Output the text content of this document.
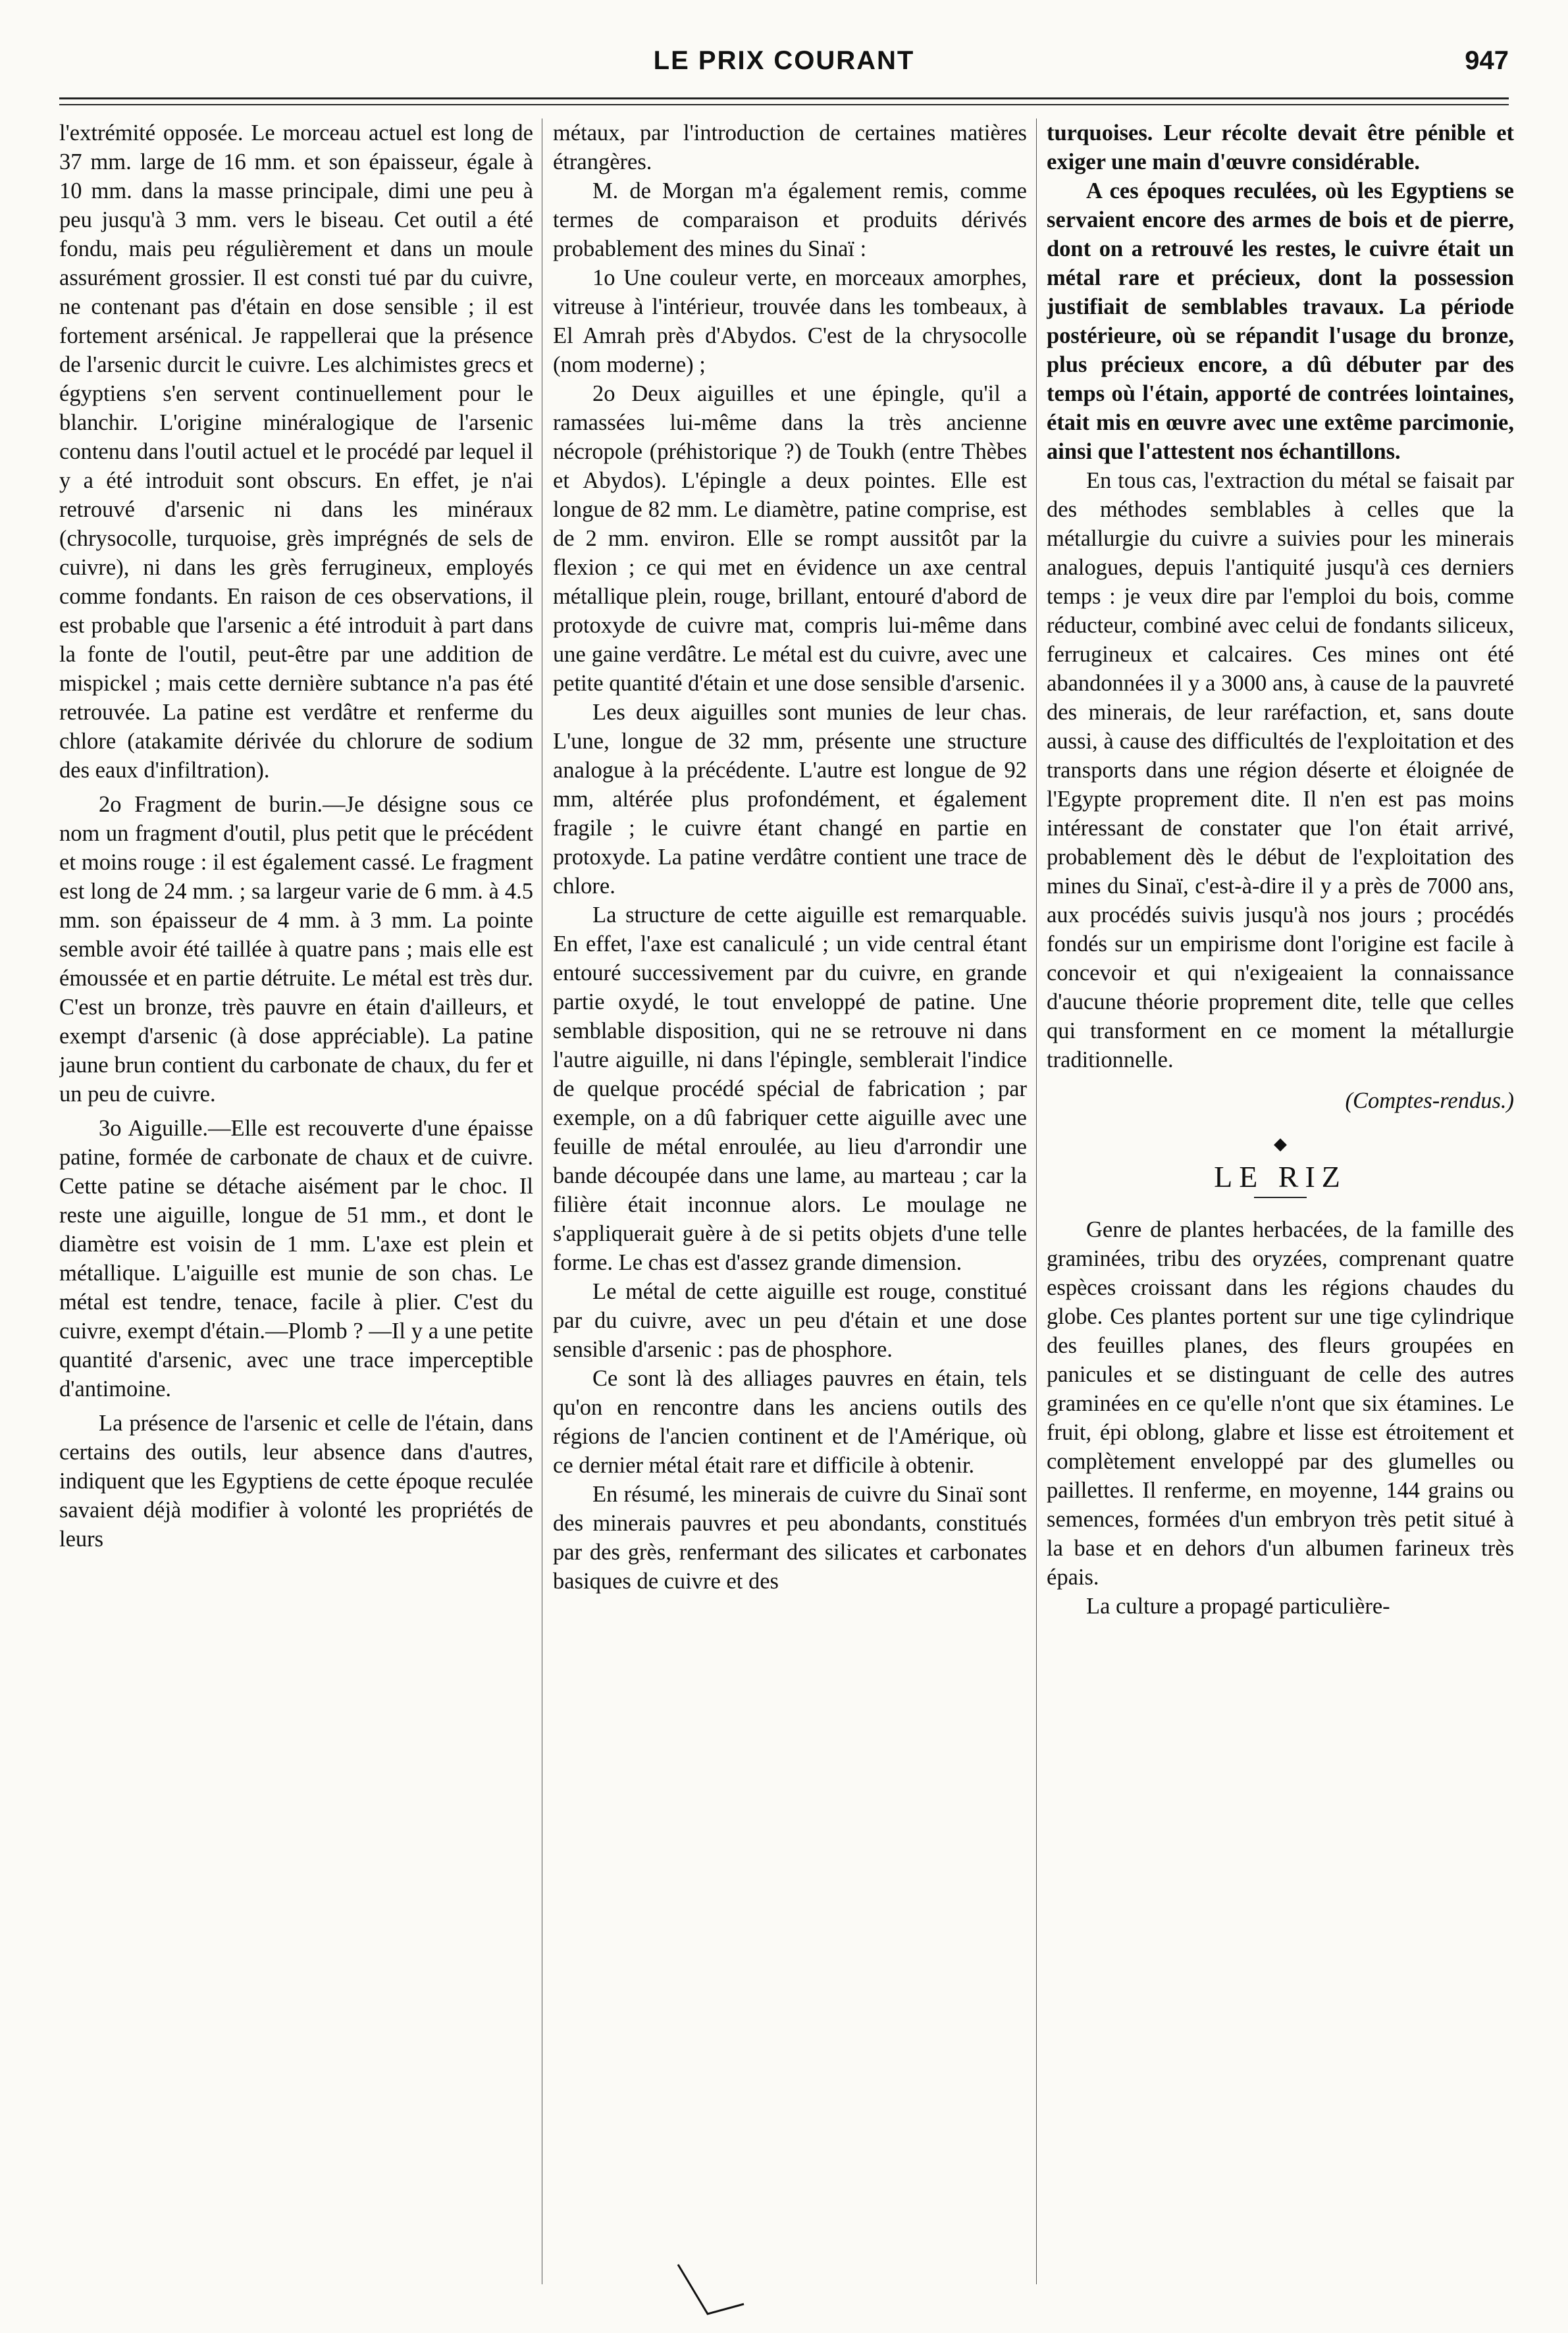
LE PRIX COURANT	947

l'extrémité opposée. Le morceau actuel est long de 37 mm. large de 16 mm. et son épaisseur, égale à 10 mm. dans la masse principale, dimi une peu à peu jusqu'à 3 mm. vers le biseau. Cet outil a été fondu, mais peu régulièrement et dans un moule assurément grossier. Il est consti tué par du cuivre, ne contenant pas d'étain en dose sensible ; il est fortement arsénical. Je rappellerai que la présence de l'arsenic durcit le cuivre. Les alchimistes grecs et égyptiens s'en servent continuellement pour le blanchir. L'origine minéralogique de l'arsenic contenu dans l'outil actuel et le procédé par lequel il y a été introduit sont obscurs. En effet, je n'ai retrouvé d'arsenic ni dans les minéraux (chrysocolle, turquoise, grès imprégnés de sels de cuivre), ni dans les grès ferrugineux, employés comme fondants. En raison de ces observations, il est probable que l'arsenic a été introduit à part dans la fonte de l'outil, peut-être par une addition de mispickel ; mais cette dernière subtance n'a pas été retrouvée. La patine est verdâtre et renferme du chlore (atakamite dérivée du chlorure de sodium des eaux d'infiltration).

2o Fragment de burin.—Je désigne sous ce nom un fragment d'outil, plus petit que le précédent et moins rouge : il est également cassé. Le fragment est long de 24 mm. ; sa largeur varie de 6 mm. à 4.5 mm. son épaisseur de 4 mm. à 3 mm. La pointe semble avoir été taillée à quatre pans ; mais elle est émoussée et en partie détruite. Le métal est très dur. C'est un bronze, très pauvre en étain d'ailleurs, et exempt d'arsenic (à dose appréciable). La patine jaune brun contient du carbonate de chaux, du fer et un peu de cuivre.

3o Aiguille.—Elle est recouverte d'une épaisse patine, formée de carbonate de chaux et de cuivre. Cette patine se détache aisément par le choc. Il reste une aiguille, longue de 51 mm., et dont le diamètre est voisin de 1 mm. L'axe est plein et métallique. L'aiguille est munie de son chas. Le métal est tendre, tenace, facile à plier. C'est du cuivre, exempt d'étain.—Plomb ? —Il y a une petite quantité d'arsenic, avec une trace imperceptible d'antimoine.

La présence de l'arsenic et celle de l'étain, dans certains des outils, leur absence dans d'autres, indiquent que les Egyptiens de cette époque reculée savaient déjà modifier à volonté les propriétés de leurs

métaux, par l'introduction de certaines matières étrangères.

M. de Morgan m'a également remis, comme termes de comparaison et produits dérivés probablement des mines du Sinaï :

1o Une couleur verte, en morceaux amorphes, vitreuse à l'intérieur, trouvée dans les tombeaux, à El Amrah près d'Abydos. C'est de la chrysocolle (nom moderne) ;

2o Deux aiguilles et une épingle, qu'il a ramassées lui-même dans la très ancienne nécropole (préhistorique ?) de Toukh (entre Thèbes et Abydos). L'épingle a deux pointes. Elle est longue de 82 mm. Le diamètre, patine comprise, est de 2 mm. environ. Elle se rompt aussitôt par la flexion ; ce qui met en évidence un axe central métallique plein, rouge, brillant, entouré d'abord de protoxyde de cuivre mat, compris lui-même dans une gaine verdâtre. Le métal est du cuivre, avec une petite quantité d'étain et une dose sensible d'arsenic.

Les deux aiguilles sont munies de leur chas. L'une, longue de 32 mm, présente une structure analogue à la précédente. L'autre est longue de 92 mm, altérée plus profondément, et également fragile ; le cuivre étant changé en partie en protoxyde. La patine verdâtre contient une trace de chlore.

La structure de cette aiguille est remarquable. En effet, l'axe est canaliculé ; un vide central étant entouré successivement par du cuivre, en grande partie oxydé, le tout enveloppé de patine. Une semblable disposition, qui ne se retrouve ni dans l'autre aiguille, ni dans l'épingle, semblerait l'indice de quelque procédé spécial de fabrication ; par exemple, on a dû fabriquer cette aiguille avec une feuille de métal enroulée, au lieu d'arrondir une bande découpée dans une lame, au marteau ; car la filière était inconnue alors. Le moulage ne s'appliquerait guère à de si petits objets d'une telle forme. Le chas est d'assez grande dimension.

Le métal de cette aiguille est rouge, constitué par du cuivre, avec un peu d'étain et une dose sensible d'arsenic : pas de phosphore.

Ce sont là des alliages pauvres en étain, tels qu'on en rencontre dans les anciens outils des régions de l'ancien continent et de l'Amérique, où ce dernier métal était rare et difficile à obtenir.

En résumé, les minerais de cuivre du Sinaï sont des minerais pauvres et peu abondants, constitués par des grès, renfermant des silicates et carbonates basiques de cuivre et des

turquoises. Leur récolte devait être pénible et exiger une main d'œuvre considérable.

A ces époques reculées, où les Egyptiens se servaient encore des armes de bois et de pierre, dont on a retrouvé les restes, le cuivre était un métal rare et précieux, dont la possession justifiait de semblables travaux. La période postérieure, où se répandit l'usage du bronze, plus précieux encore, a dû débuter par des temps où l'étain, apporté de contrées lointaines, était mis en œuvre avec une extême parcimonie, ainsi que l'attestent nos échantillons.

En tous cas, l'extraction du métal se faisait par des méthodes semblables à celles que la métallurgie du cuivre a suivies pour les minerais analogues, depuis l'antiquité jusqu'à ces derniers temps : je veux dire par l'emploi du bois, comme réducteur, combiné avec celui de fondants siliceux, ferrugineux et calcaires. Ces mines ont été abandonnées il y a 3000 ans, à cause de la pauvreté des minerais, de leur raréfaction, et, sans doute aussi, à cause des difficultés de l'exploitation et des transports dans une région déserte et éloignée de l'Egypte proprement dite. Il n'en est pas moins intéressant de constater que l'on était arrivé, probablement dès le début de l'exploitation des mines du Sinaï, c'est-à-dire il y a près de 7000 ans, aux procédés suivis jusqu'à nos jours ; procédés fondés sur un empirisme dont l'origine est facile à concevoir et qui n'exigeaient la connaissance d'aucune théorie proprement dite, telle que celles qui transforment en ce moment la métallurgie traditionnelle.

(Comptes-rendus.)

◆

LE RIZ

Genre de plantes herbacées, de la famille des graminées, tribu des oryzées, comprenant quatre espèces croissant dans les régions chaudes du globe. Ces plantes portent sur une tige cylindrique des feuilles planes, des fleurs groupées en panicules et se distinguant de celle des autres graminées en ce qu'elle n'ont que six étamines. Le fruit, épi oblong, glabre et lisse est étroitement et complètement enveloppé par des glumelles ou paillettes. Il renferme, en moyenne, 144 grains ou semences, formées d'un embryon très petit situé à la base et en dehors d'un albumen farineux très épais.

La culture a propagé particulière-
